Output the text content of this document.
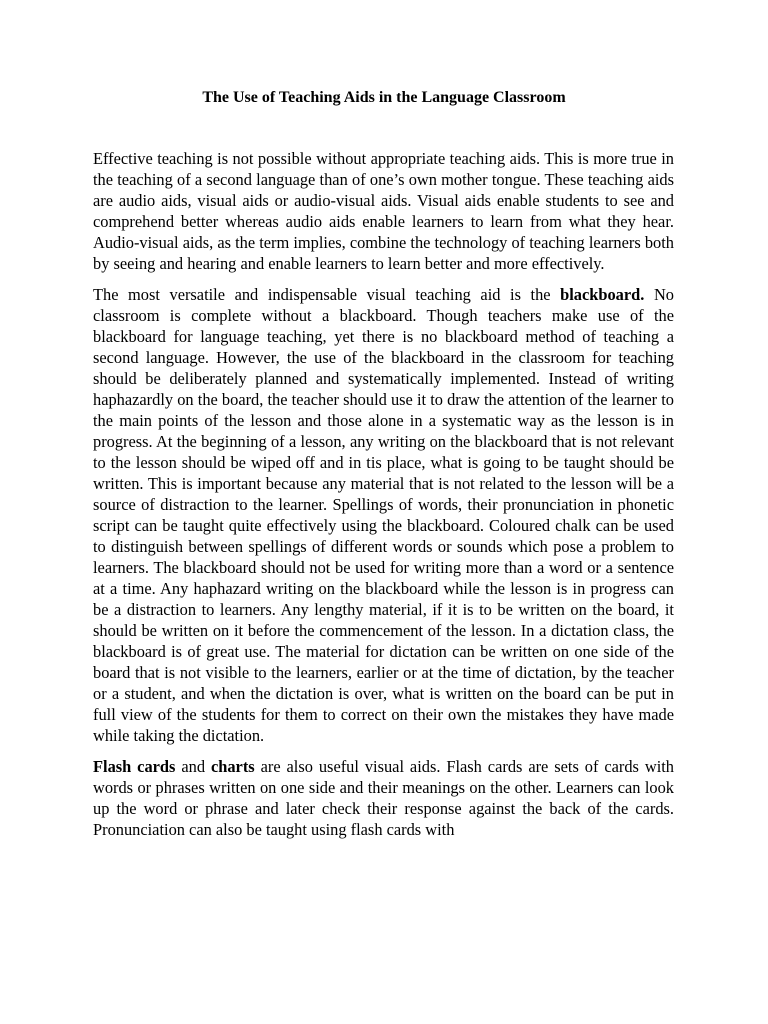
The Use of Teaching Aids in the Language Classroom

Effective teaching is not possible without appropriate teaching aids. This is more true in the teaching of a second language than of one’s own mother tongue. These teaching aids are audio aids, visual aids or audio-visual aids. Visual aids enable students to see and comprehend better whereas audio aids enable learners to learn from what they hear. Audio-visual aids, as the term implies, combine the technology of teaching learners both by seeing and hearing and enable learners to learn better and more effectively.

The most versatile and indispensable visual teaching aid is the blackboard. No classroom is complete without a blackboard. Though teachers make use of the blackboard for language teaching, yet there is no blackboard method of teaching a second language. However, the use of the blackboard in the classroom for teaching should be deliberately planned and systematically implemented. Instead of writing haphazardly on the board, the teacher should use it to draw the attention of the learner to the main points of the lesson and those alone in a systematic way as the lesson is in progress. At the beginning of a lesson, any writing on the blackboard that is not relevant to the lesson should be wiped off and in tis place, what is going to be taught should be written. This is important because any material that is not related to the lesson will be a source of distraction to the learner. Spellings of words, their pronunciation in phonetic script can be taught quite effectively using the blackboard. Coloured chalk can be used to distinguish between spellings of different words or sounds which pose a problem to learners. The blackboard should not be used for writing more than a word or a sentence at a time. Any haphazard writing on the blackboard while the lesson is in progress can be a distraction to learners. Any lengthy material, if it is to be written on the board, it should be written on it before the commencement of the lesson. In a dictation class, the blackboard is of great use. The material for dictation can be written on one side of the board that is not visible to the learners, earlier or at the time of dictation, by the teacher or a student, and when the dictation is over, what is written on the board can be put in full view of the students for them to correct on their own the mistakes they have made while taking the dictation.

Flash cards and charts are also useful visual aids. Flash cards are sets of cards with words or phrases written on one side and their meanings on the other. Learners can look up the word or phrase and later check their response against the back of the cards. Pronunciation can also be taught using flash cards with
